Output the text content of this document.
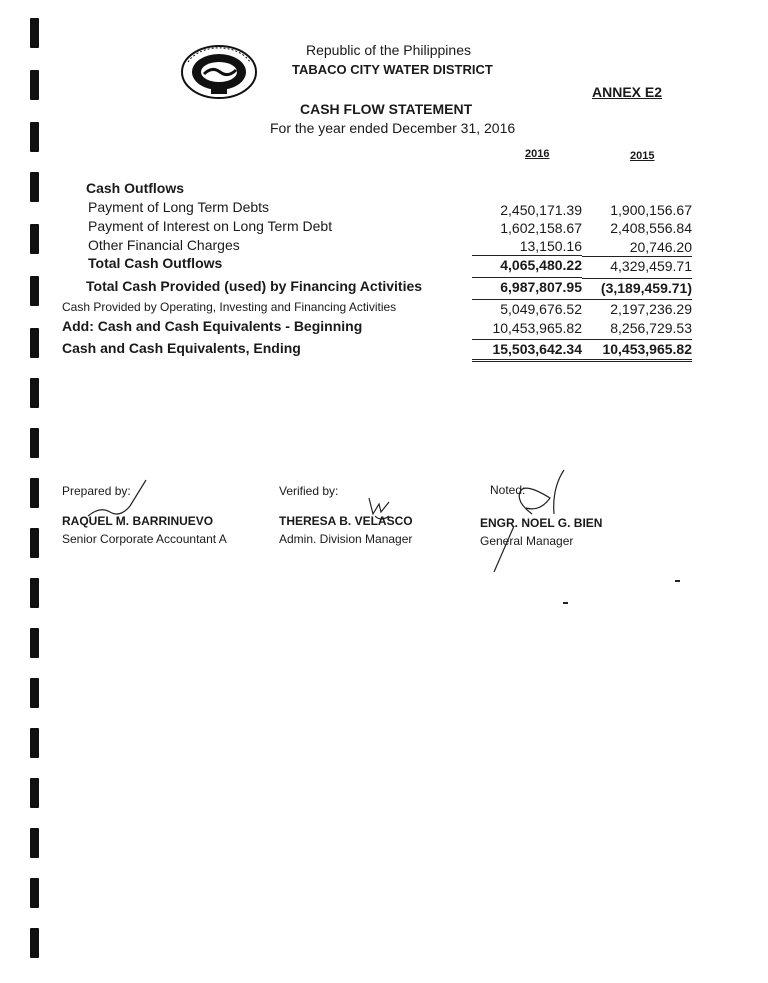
Republic of the Philippines
TABACO CITY WATER DISTRICT
ANNEX E2
CASH FLOW STATEMENT
For the year ended December 31, 2016
2016	2015
Cash Outflows
Payment of Long Term Debts	2,450,171.39	1,900,156.67
Payment of Interest on Long Term Debt	1,602,158.67	2,408,556.84
Other Financial Charges	13,150.16	20,746.20
Total Cash Outflows	4,065,480.22	4,329,459.71
Total Cash Provided (used) by Financing Activities	6,987,807.95	(3,189,459.71)
Cash Provided by Operating, Investing and Financing Activities	5,049,676.52	2,197,236.29
Add: Cash and Cash Equivalents - Beginning	10,453,965.82	8,256,729.53
Cash and Cash Equivalents, Ending	15,503,642.34	10,453,965.82
Prepared by:
RAQUEL M. BARRINUEVO
Senior Corporate Accountant A
Verified by:
THERESA B. VELASCO
Admin. Division Manager
Noted:
ENGR. NOEL G. BIEN
General Manager
